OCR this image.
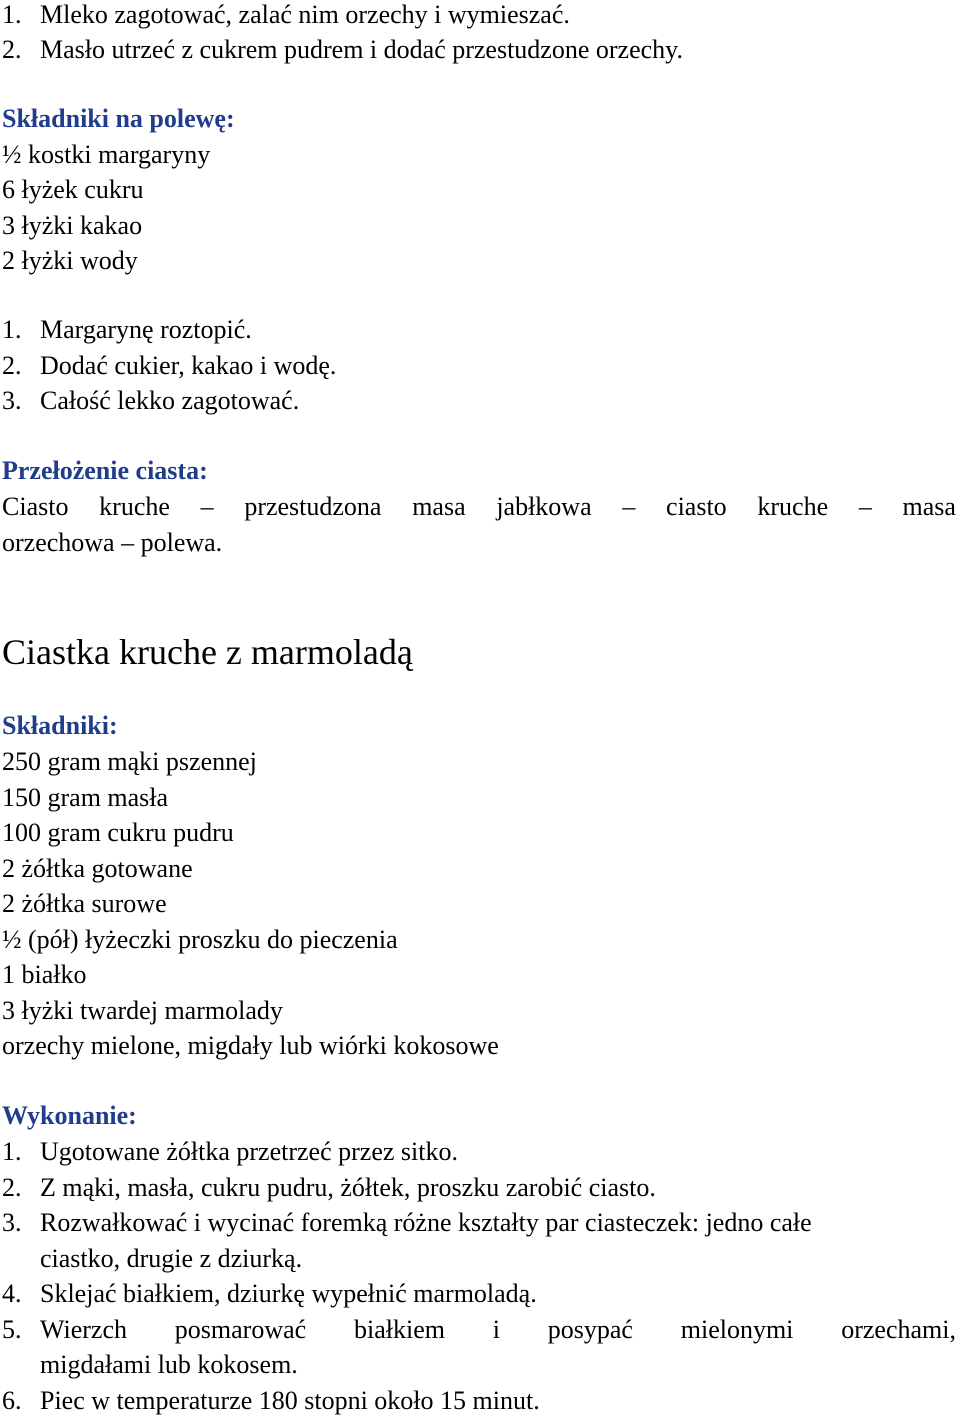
1. Mleko zagotować, zalać nim orzechy i wymieszać.
2. Masło utrzeć z cukrem pudrem i dodać przestudzone orzechy.
Składniki na polewę:
½ kostki margaryny
6 łyżek cukru
3 łyżki kakao
2 łyżki wody
1. Margarynę roztopić.
2. Dodać cukier, kakao i wodę.
3. Całość lekko zagotować.
Przełożenie ciasta:
Ciasto kruche – przestudzona masa jabłkowa – ciasto kruche – masa
orzechowa – polewa.
Ciastka kruche z marmoladą
Składniki:
250 gram mąki pszennej
150 gram masła
100 gram cukru pudru
2 żółtka gotowane
2 żółtka surowe
½ (pół) łyżeczki proszku do pieczenia
1 białko
3 łyżki twardej marmolady
orzechy mielone, migdały lub wiórki kokosowe
Wykonanie:
1. Ugotowane żółtka przetrzeć przez sitko.
2. Z mąki, masła, cukru pudru, żółtek, proszku zarobić ciasto.
3. Rozwałkować i wycinać foremką różne kształty par ciasteczek: jedno całe
ciastko, drugie z dziurką.
4. Sklejać białkiem, dziurkę wypełnić marmoladą.
5. Wierzch posmarować białkiem i posypać mielonymi orzechami,
migdałami lub kokosem.
6. Piec w temperaturze 180 stopni około 15 minut.
